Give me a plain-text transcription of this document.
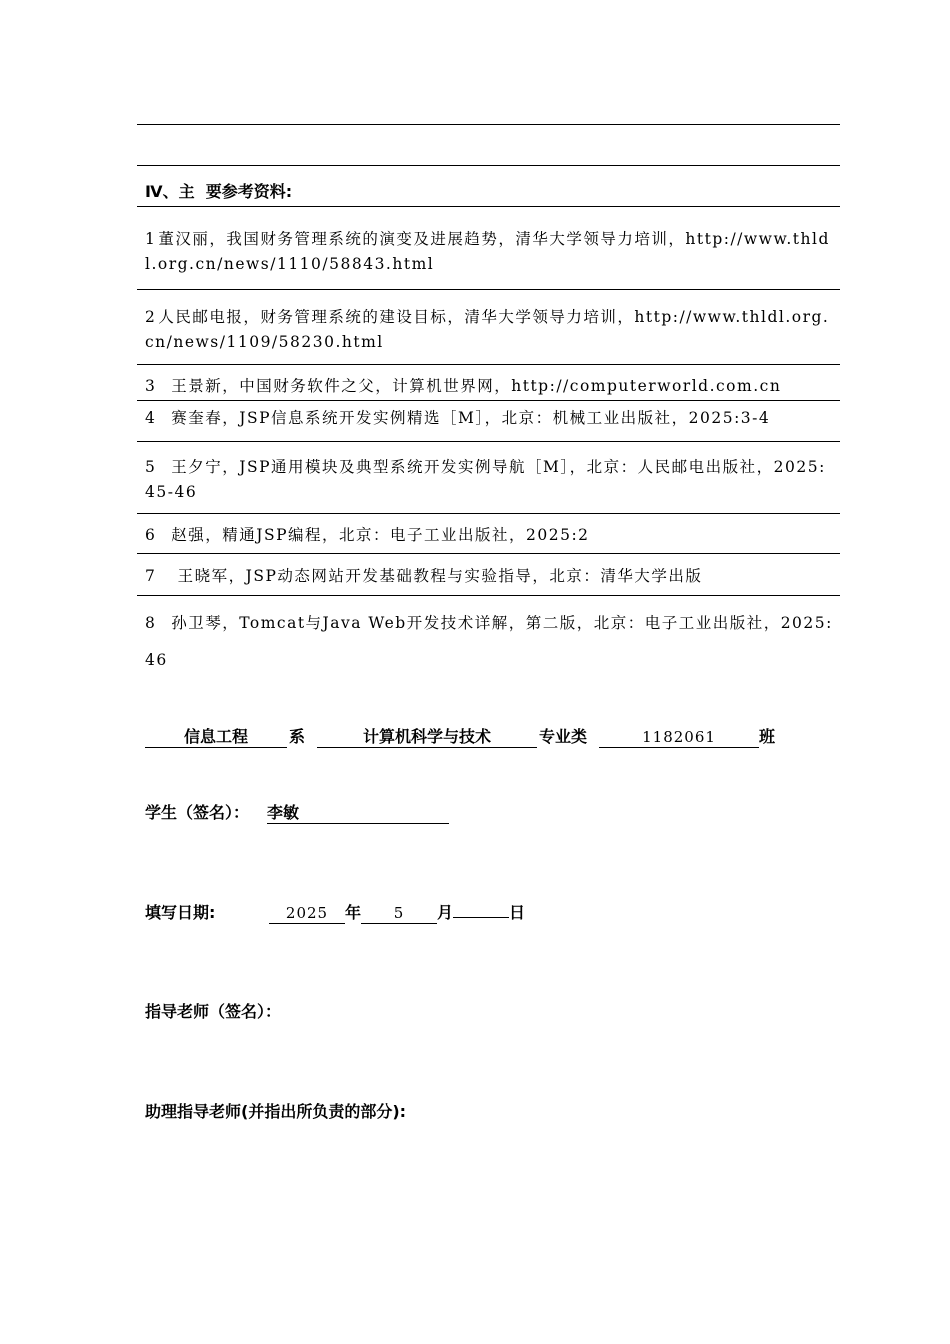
Ⅳ、主  要参考资料:
1 董汉丽，我国财务管理系统的演变及进展趋势，清华大学领导力培训，http://www.thldl.org.cn/news/1110/58843.html
2 人民邮电报，财务管理系统的建设目标，清华大学领导力培训，http://www.thldl.org.cn/news/1109/58230.html
3 王景新，中国财务软件之父，计算机世界网，http://computerworld.com.cn
4 赛奎春，JSP信息系统开发实例精选［M］，北京：机械工业出版社，2025:3-4
5 王夕宁，JSP通用模块及典型系统开发实例导航［M］，北京：人民邮电出版社，2025:45-46
6 赵强，精通JSP编程，北京：电子工业出版社，2025:2
7 王晓军，JSP动态网站开发基础教程与实验指导，北京：清华大学出版
8 孙卫琴，Tomcat与Java Web开发技术详解，第二版，北京：电子工业出版社，2025:46
信息工程	系	计算机科学与技术	专业类	1182061	班
学生（签名）： 李敏
填写日期:	2025 年 5 月	日
指导老师（签名）：
助理指导老师(并指出所负责的部分):
